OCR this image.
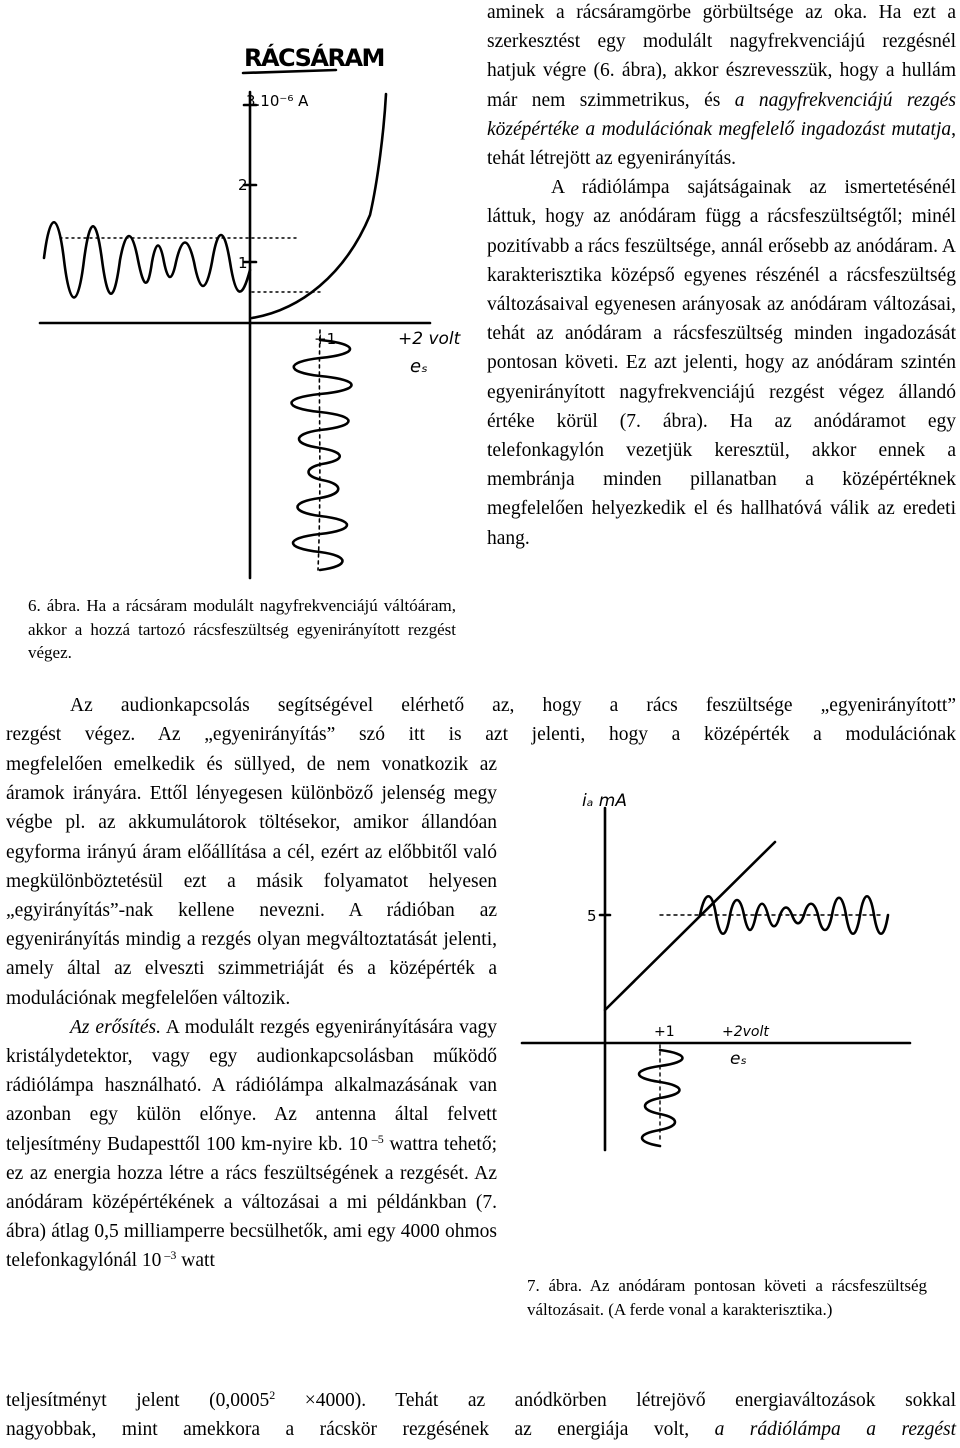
RÁCSÁRAM
3.10⁻⁶ A
2
1
+1	+2 volt
eₛ
6. ábra. Ha a rácsáram modulált nagyfrekvenciájú váltóáram, akkor a hozzá tartozó rácsfeszültség egyenirányított rezgést végez.

aminek a rácsáramgörbe görbültsége az oka. Ha ezt a szerkesztést egy modulált nagyfrekvenciájú rezgésnél hatjuk végre (6. ábra), akkor észrevesszük, hogy a hullám már nem szimmetrikus, és a nagyfrekvenciájú rezgés középértéke a modulációnak megfelelő ingadozást mutatja, tehát létrejött az egyenirányítás.

A rádiólámpa sajátságainak az ismertetésénél láttuk, hogy az anódáram függ a rácsfeszültségtől; minél pozitívabb a rács feszültsége, annál erősebb az anódáram. A karakterisztika középső egyenes részénél a rácsfeszültség változásaival egyenesen arányosak az anódáram változásai, tehát az anódáram a rácsfeszültség minden ingadozását pontosan követi. Ez azt jelenti, hogy az anódáram szintén egyenirányított nagyfrekvenciájú rezgést végez állandó értéke körül (7. ábra). Ha az anódáramot egy telefonkagylón vezetjük keresztül, akkor ennek a membránja minden pillanatban a középértéknek megfelelően helyezkedik el és hallhatóvá válik az eredeti hang.

Az audionkapcsolás segítségével elérhető az, hogy a rács feszültsége „egyenirányított”

rezgést végez. Az „egyenirányítás” szó itt is azt jelenti, hogy a középérték a modulációnak

megfelelően emelkedik és süllyed, de nem vonatkozik az áramok irányára. Ettől lényegesen különböző jelenség megy végbe pl. az akkumulátorok töltésekor, amikor állandóan egyforma irányú áram előállítása a cél, ezért az előbbitől való megkülönböztetésül ezt a másik folyamatot helyesen „egyirányítás”-nak kellene nevezni. A rádióban az egyenirányítás mindig a rezgés olyan megváltoztatását jelenti, amely által az elveszti szimmetriáját és a középérték a modulációnak megfelelően változik.

Az erősítés. A modulált rezgés egyenirányítására vagy kristálydetektor, vagy egy audionkapcsolásban működő rádiólámpa használható. A rádiólámpa alkalmazásának van azonban egy külön előnye. Az antenna által felvett teljesítmény Budapesttől 100 km-nyire kb. 10 $^{-5}$ wattra tehető; ez az energia hozza létre a rács feszültségének a rezgését. Az anódáram középértékének a változásai a mi példánkban (7. ábra) átlag 0,5 milliamperre becsülhetők, ami egy 4000 ohmos telefonkagylónál 10 $^{-3}$ watt

iₐ mA
5
+1	+2volt
eₛ
7. ábra. Az anódáram pontosan követi a rácsfeszültség változásait. (A ferde vonal a karakterisztika.)

teljesítményt jelent $(0,0005^2 \times 4000)$. Tehát az anódkörben létrejövő energiaváltozások sokkal

nagyobbak, mint amekkora a rácskör rezgésének az energiája volt, a rádiólámpa a rezgést
